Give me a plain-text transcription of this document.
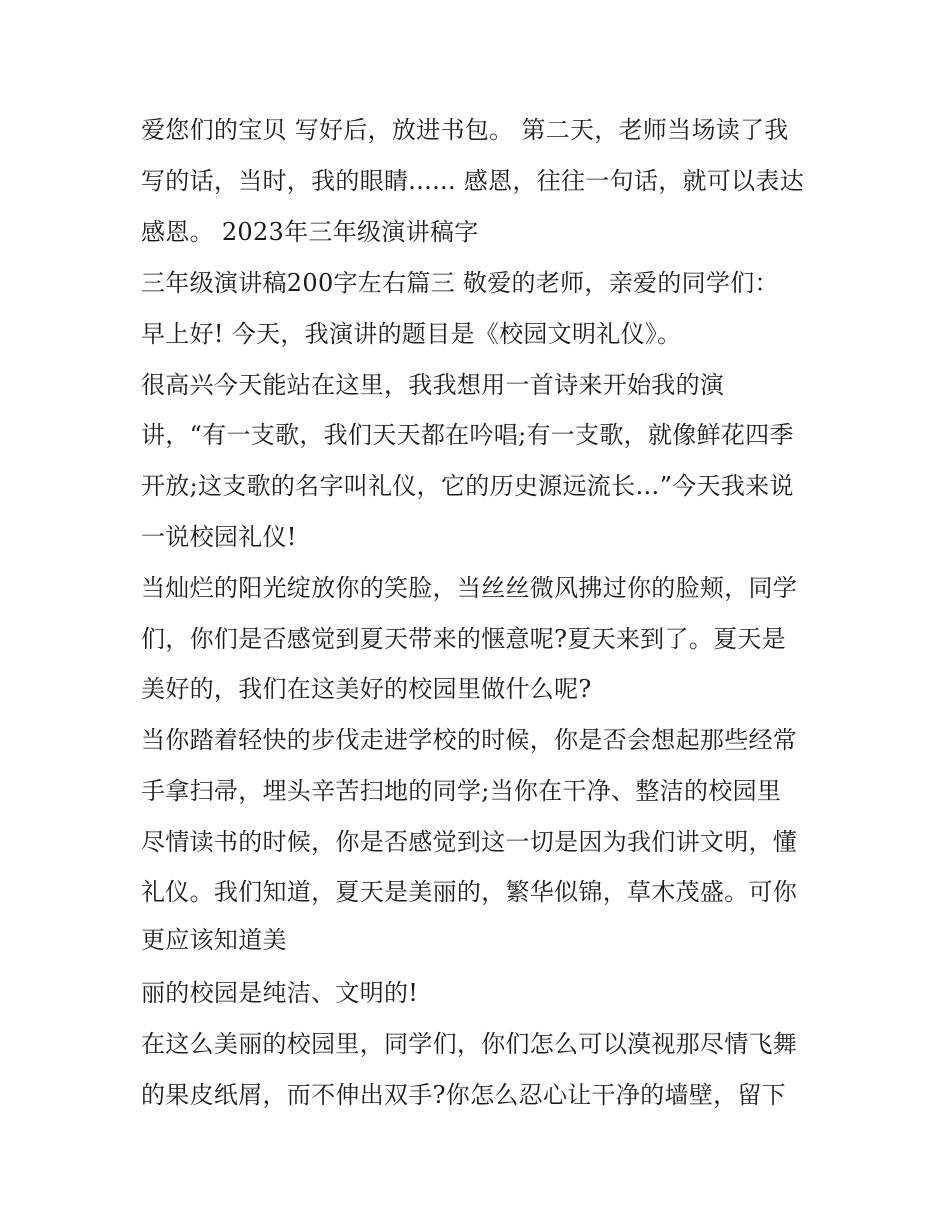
爱您们的宝贝 写好后，放进书包。 第二天，老师当场读了我
写的话，当时，我的眼睛...... 感恩，往往一句话，就可以表达
感恩。 2023年三年级演讲稿字
三年级演讲稿200字左右篇三 敬爱的老师，亲爱的同学们：
早上好! 今天，我演讲的题目是《校园文明礼仪》。
很高兴今天能站在这里，我我想用一首诗来开始我的演
讲，“有一支歌，我们天天都在吟唱;有一支歌，就像鲜花四季
开放;这支歌的名字叫礼仪，它的历史源远流长…”今天我来说
一说校园礼仪!
当灿烂的阳光绽放你的笑脸，当丝丝微风拂过你的脸颊，同学
们，你们是否感觉到夏天带来的惬意呢?夏天来到了。夏天是
美好的，我们在这美好的校园里做什么呢?
当你踏着轻快的步伐走进学校的时候，你是否会想起那些经常
手拿扫帚，埋头辛苦扫地的同学;当你在干净、整洁的校园里
尽情读书的时候，你是否感觉到这一切是因为我们讲文明，懂
礼仪。我们知道，夏天是美丽的，繁华似锦，草木茂盛。可你
更应该知道美
丽的校园是纯洁、文明的!
在这么美丽的校园里，同学们，你们怎么可以漠视那尽情飞舞
的果皮纸屑，而不伸出双手?你怎么忍心让干净的墙壁，留下
